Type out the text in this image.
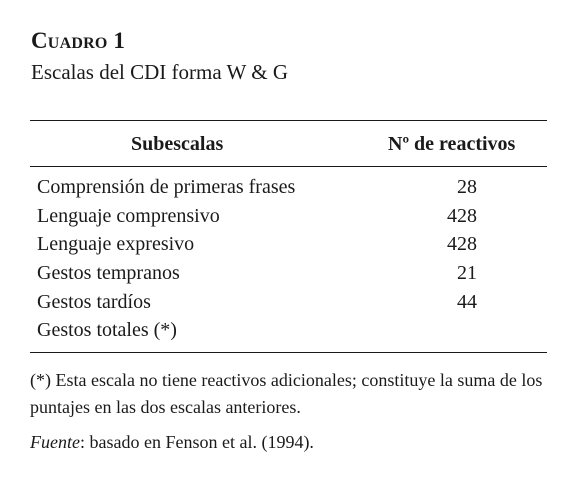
Cuadro 1
Escalas del CDI forma W & G
Subescalas	Nº de reactivos
Comprensión de primeras frases	28
Lenguaje comprensivo	428
Lenguaje expresivo	428
Gestos tempranos	21
Gestos tardíos	44
Gestos totales (*)
(*) Esta escala no tiene reactivos adicionales; constituye la suma de los puntajes en las dos escalas anteriores.
Fuente: basado en Fenson et al. (1994).
